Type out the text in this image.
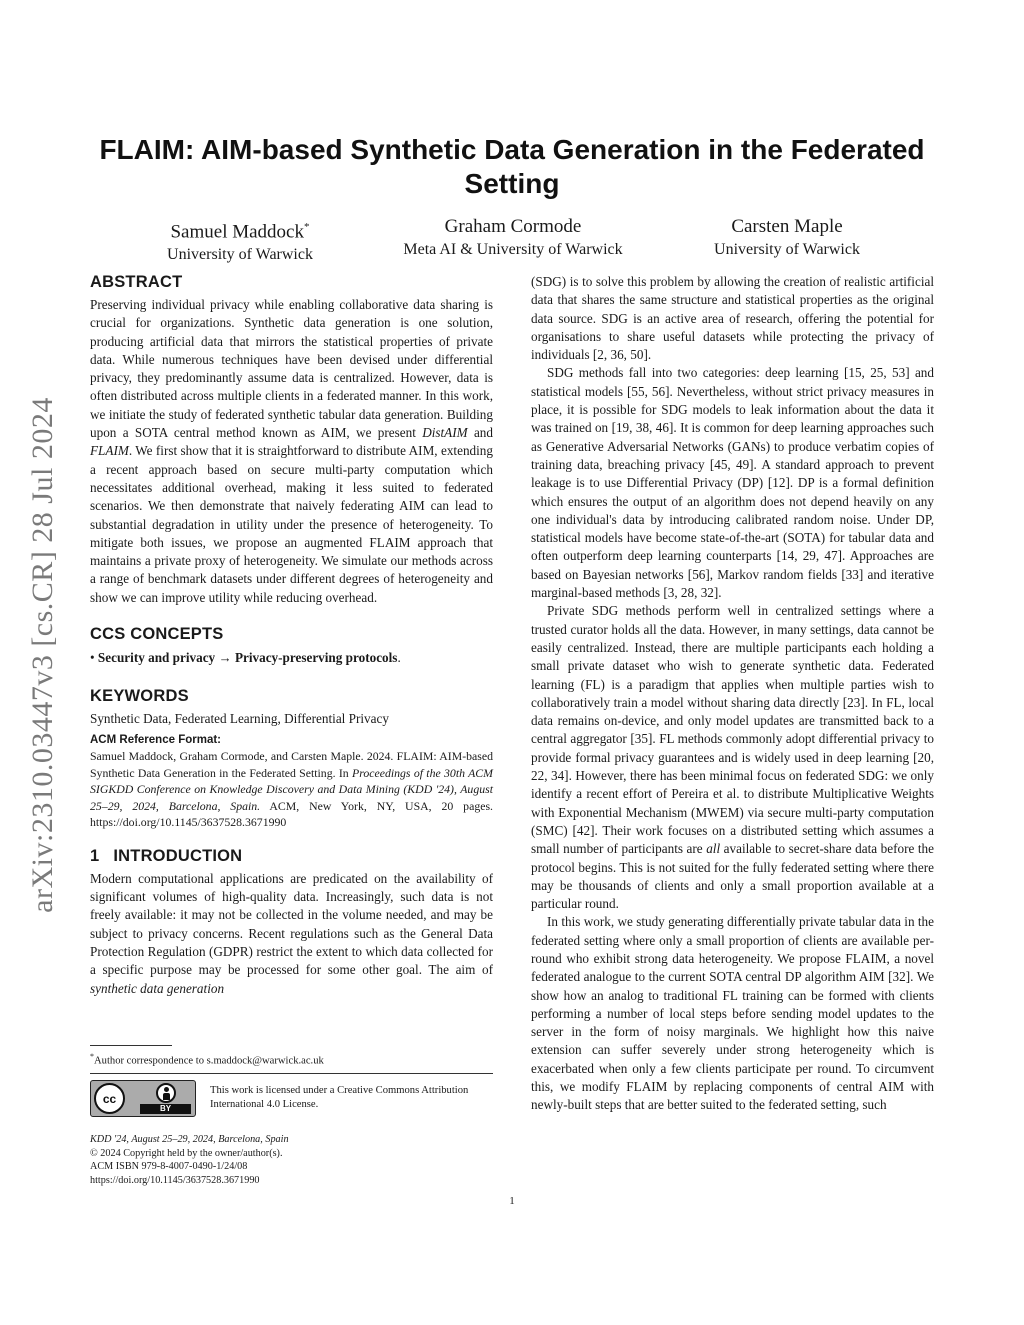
arXiv:2310.03447v3 [cs.CR] 28 Jul 2024
FLAIM: AIM-based Synthetic Data Generation in the Federated Setting
Samuel Maddock*
University of Warwick
Graham Cormode
Meta AI & University of Warwick
Carsten Maple
University of Warwick
ABSTRACT

Preserving individual privacy while enabling collaborative data sharing is crucial for organizations. Synthetic data generation is one solution, producing artificial data that mirrors the statistical properties of private data. While numerous techniques have been devised under differential privacy, they predominantly assume data is centralized. However, data is often distributed across multiple clients in a federated manner. In this work, we initiate the study of federated synthetic tabular data generation. Building upon a SOTA central method known as AIM, we present DistAIM and FLAIM. We first show that it is straightforward to distribute AIM, extending a recent approach based on secure multi-party computation which necessitates additional overhead, making it less suited to federated scenarios. We then demonstrate that naively federating AIM can lead to substantial degradation in utility under the presence of heterogeneity. To mitigate both issues, we propose an augmented FLAIM approach that maintains a private proxy of heterogeneity. We simulate our methods across a range of benchmark datasets under different degrees of heterogeneity and show we can improve utility while reducing overhead.

CCS CONCEPTS

• Security and privacy → Privacy-preserving protocols.

KEYWORDS

Synthetic Data, Federated Learning, Differential Privacy

ACM Reference Format:

Samuel Maddock, Graham Cormode, and Carsten Maple. 2024. FLAIM: AIM-based Synthetic Data Generation in the Federated Setting. In Proceedings of the 30th ACM SIGKDD Conference on Knowledge Discovery and Data Mining (KDD '24), August 25–29, 2024, Barcelona, Spain. ACM, New York, NY, USA, 20 pages. https://doi.org/10.1145/3637528.3671990

1 INTRODUCTION

Modern computational applications are predicated on the availability of significant volumes of high-quality data. Increasingly, such data is not freely available: it may not be collected in the volume needed, and may be subject to privacy concerns. Recent regulations such as the General Data Protection Regulation (GDPR) restrict the extent to which data collected for a specific purpose may be processed for some other goal. The aim of synthetic data generation

(SDG) is to solve this problem by allowing the creation of realistic artificial data that shares the same structure and statistical properties as the original data source. SDG is an active area of research, offering the potential for organisations to share useful datasets while protecting the privacy of individuals [2, 36, 50].

SDG methods fall into two categories: deep learning [15, 25, 53] and statistical models [55, 56]. Nevertheless, without strict privacy measures in place, it is possible for SDG models to leak information about the data it was trained on [19, 38, 46]. It is common for deep learning approaches such as Generative Adversarial Networks (GANs) to produce verbatim copies of training data, breaching privacy [45, 49]. A standard approach to prevent leakage is to use Differential Privacy (DP) [12]. DP is a formal definition which ensures the output of an algorithm does not depend heavily on any one individual's data by introducing calibrated random noise. Under DP, statistical models have become state-of-the-art (SOTA) for tabular data and often outperform deep learning counterparts [14, 29, 47]. Approaches are based on Bayesian networks [56], Markov random fields [33] and iterative marginal-based methods [3, 28, 32].

Private SDG methods perform well in centralized settings where a trusted curator holds all the data. However, in many settings, data cannot be easily centralized. Instead, there are multiple participants each holding a small private dataset who wish to generate synthetic data. Federated learning (FL) is a paradigm that applies when multiple parties wish to collaboratively train a model without sharing data directly [23]. In FL, local data remains on-device, and only model updates are transmitted back to a central aggregator [35]. FL methods commonly adopt differential privacy to provide formal privacy guarantees and is widely used in deep learning [20, 22, 34]. However, there has been minimal focus on federated SDG: we only identify a recent effort of Pereira et al. to distribute Multiplicative Weights with Exponential Mechanism (MWEM) via secure multi-party computation (SMC) [42]. Their work focuses on a distributed setting which assumes a small number of participants are all available to secret-share data before the protocol begins. This is not suited for the fully federated setting where there may be thousands of clients and only a small proportion available at a particular round.

In this work, we study generating differentially private tabular data in the federated setting where only a small proportion of clients are available per-round who exhibit strong data heterogeneity. We propose FLAIM, a novel federated analogue to the current SOTA central DP algorithm AIM [32]. We show how an analog to traditional FL training can be formed with clients performing a number of local steps before sending model updates to the server in the form of noisy marginals. We highlight how this naive extension can suffer severely under strong heterogeneity which is exacerbated when only a few clients participate per round. To circumvent this, we modify FLAIM by replacing components of central AIM with newly-built steps that are better suited to the federated setting, such

*Author correspondence to s.maddock@warwick.ac.uk
cc
BY
This work is licensed under a Creative Commons Attribution International 4.0 License.
KDD '24, August 25–29, 2024, Barcelona, Spain
© 2024 Copyright held by the owner/author(s).
ACM ISBN 979-8-4007-0490-1/24/08
https://doi.org/10.1145/3637528.3671990
1
